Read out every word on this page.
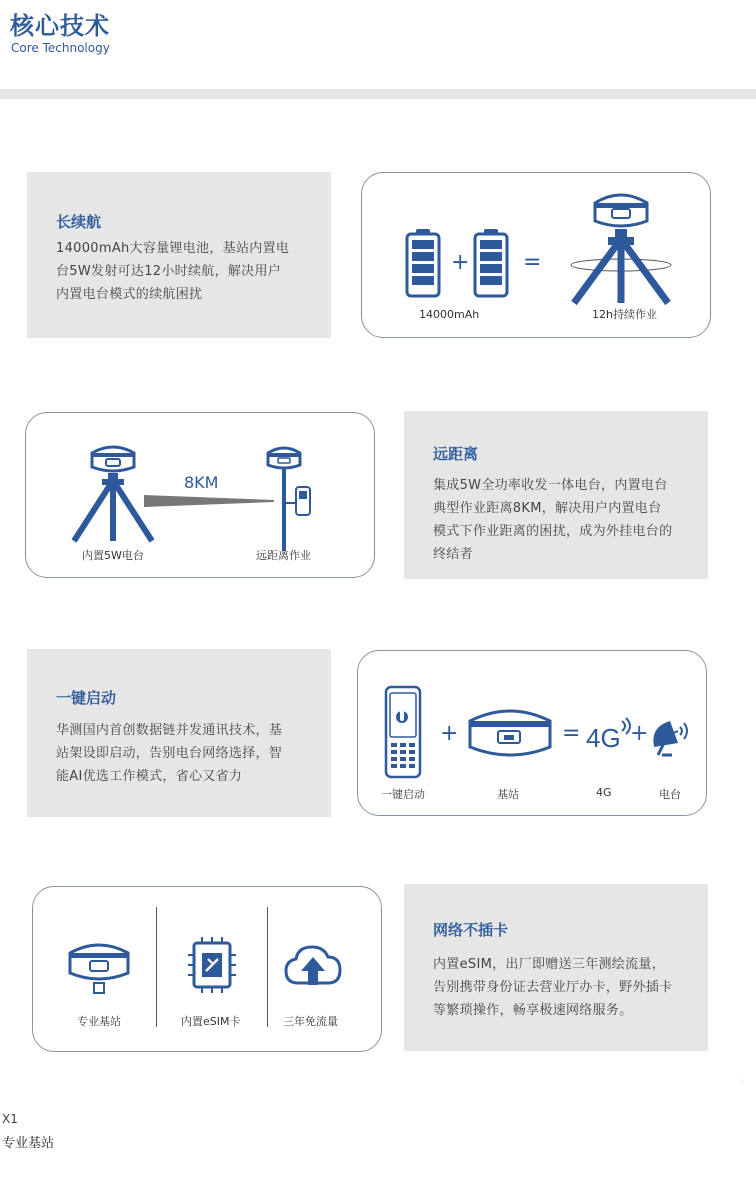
核心技术
Core Technology
长续航
14000mAh大容量锂电池，基站内置电
台5W发射可达12小时续航，解决用户
内置电台模式的续航困扰
+ =
14000mAh	12h持续作业
8KM
内置5W电台	远距离作业
远距离
集成5W全功率收发一体电台，内置电台
典型作业距离8KM，解决用户内置电台
模式下作业距离的困扰，成为外挂电台的
终结者
一键启动
华测国内首创数据链并发通讯技术，基
站架设即启动，告别电台网络选择，智
能AI优选工作模式，省心又省力
+	= 4G +
一键启动	基站	4G	电台
专业基站	内置eSIM卡	三年免流量
网络不插卡
内置eSIM，出厂即赠送三年测绘流量，
告别携带身份证去营业厅办卡，野外插卡
等繁琐操作，畅享极速网络服务。
'
X1
专业基站
